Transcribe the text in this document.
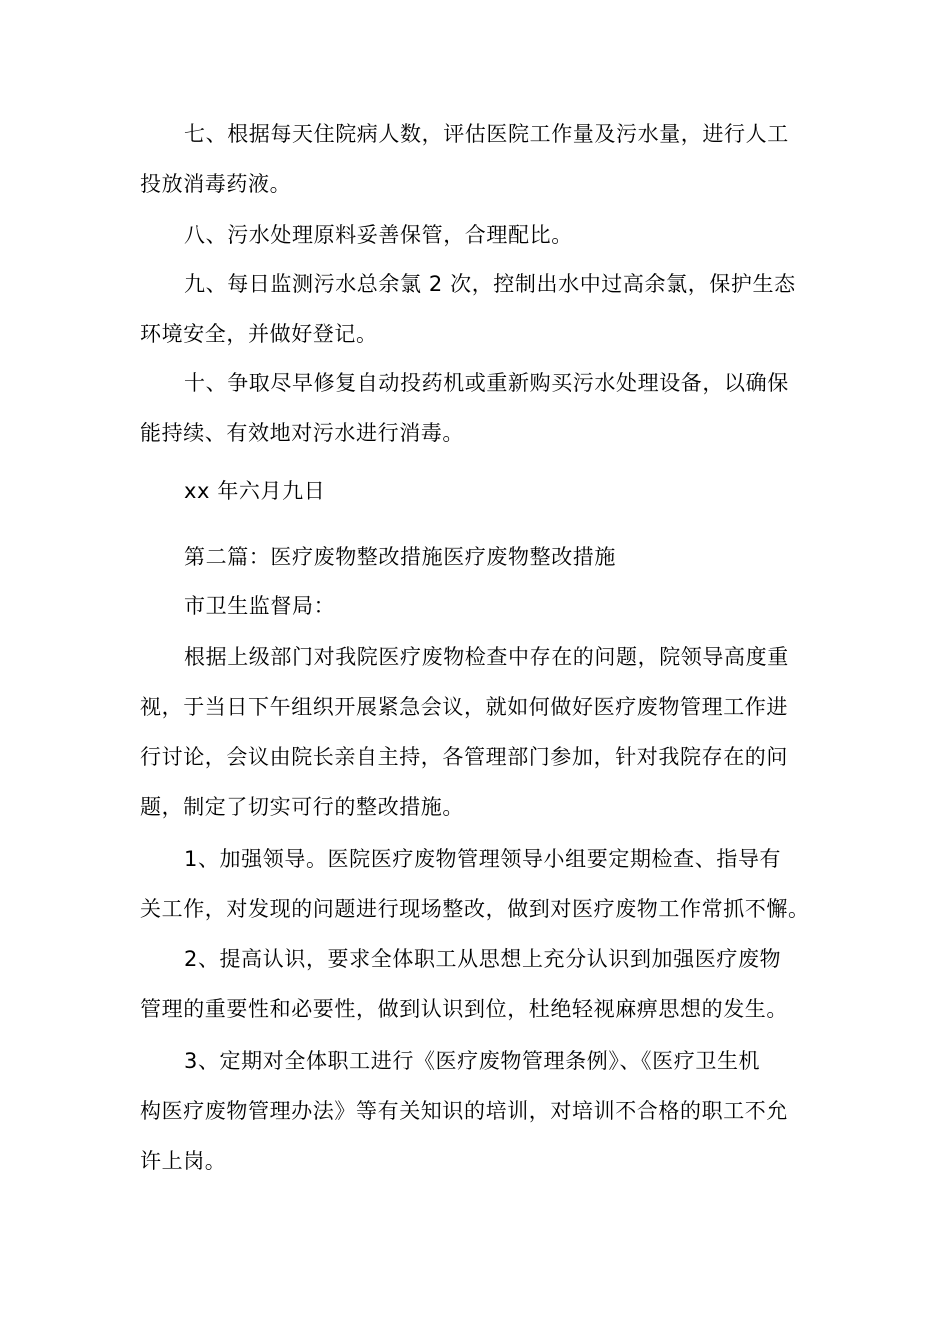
七、根据每天住院病人数，评估医院工作量及污水量，进行人工
投放消毒药液。
八、污水处理原料妥善保管，合理配比。
九、每日监测污水总余氯 2 次，控制出水中过高余氯，保护生态
环境安全，并做好登记。
十、争取尽早修复自动投药机或重新购买污水处理设备，以确保
能持续、有效地对污水进行消毒。
xx 年六月九日
第二篇：医疗废物整改措施医疗废物整改措施
市卫生监督局：
根据上级部门对我院医疗废物检查中存在的问题，院领导高度重
视，于当日下午组织开展紧急会议，就如何做好医疗废物管理工作进
行讨论，会议由院长亲自主持，各管理部门参加，针对我院存在的问
题，制定了切实可行的整改措施。
1、加强领导。医院医疗废物管理领导小组要定期检查、指导有
关工作，对发现的问题进行现场整改，做到对医疗废物工作常抓不懈。
2、提高认识，要求全体职工从思想上充分认识到加强医疗废物
管理的重要性和必要性，做到认识到位，杜绝轻视麻痹思想的发生。
3、定期对全体职工进行《医疗废物管理条例》、《医疗卫生机
构医疗废物管理办法》等有关知识的培训，对培训不合格的职工不允
许上岗。
